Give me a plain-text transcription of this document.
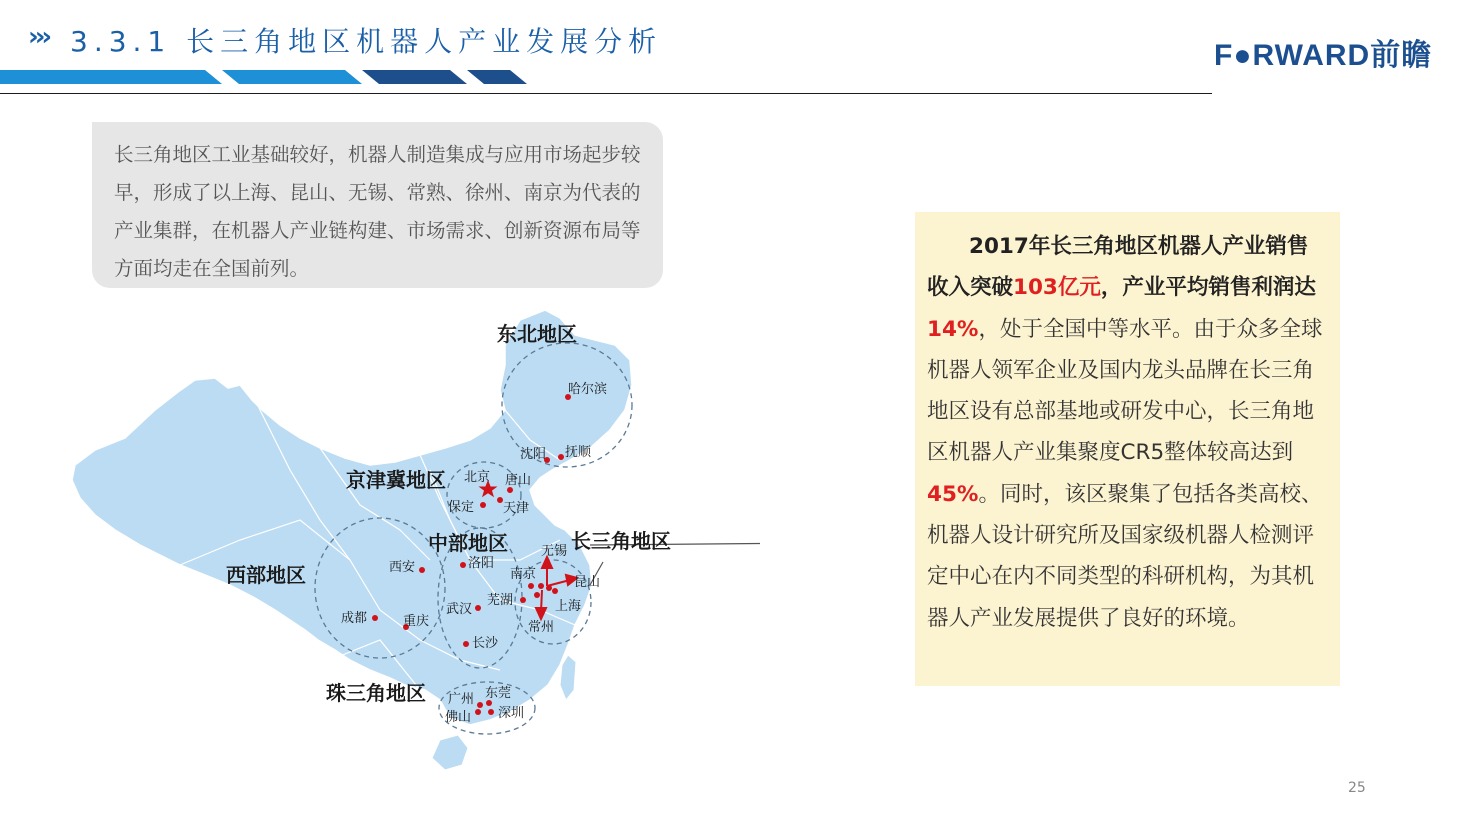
››› 3.3.1 长三角地区机器人产业发展分析	F●RWARD前瞻
长三角地区工业基础较好，机器人制造集成与应用市场起步较早，形成了以上海、昆山、无锡、常熟、徐州、南京为代表的产业集群，在机器人产业链构建、市场需求、创新资源布局等方面均走在全国前列。
东北地区
京津冀地区
中部地区
西部地区
长三角地区
珠三角地区
哈尔滨
沈阳 抚顺
北京 唐山
保定 天津
西安	洛阳
成都	重庆
武汉
芜湖
长沙
南京
无锡
昆山
上海
常州
广州 东莞
佛山 深圳
2017年长三角地区机器人产业销售收入突破103亿元，产业平均销售利润达14%，处于全国中等水平。由于众多全球机器人领军企业及国内龙头品牌在长三角地区设有总部基地或研发中心，长三角地区机器人产业集聚度CR5整体较高达到45%。同时，该区聚集了包括各类高校、机器人设计研究所及国家级机器人检测评定中心在内不同类型的科研机构，为其机器人产业发展提供了良好的环境。
25
